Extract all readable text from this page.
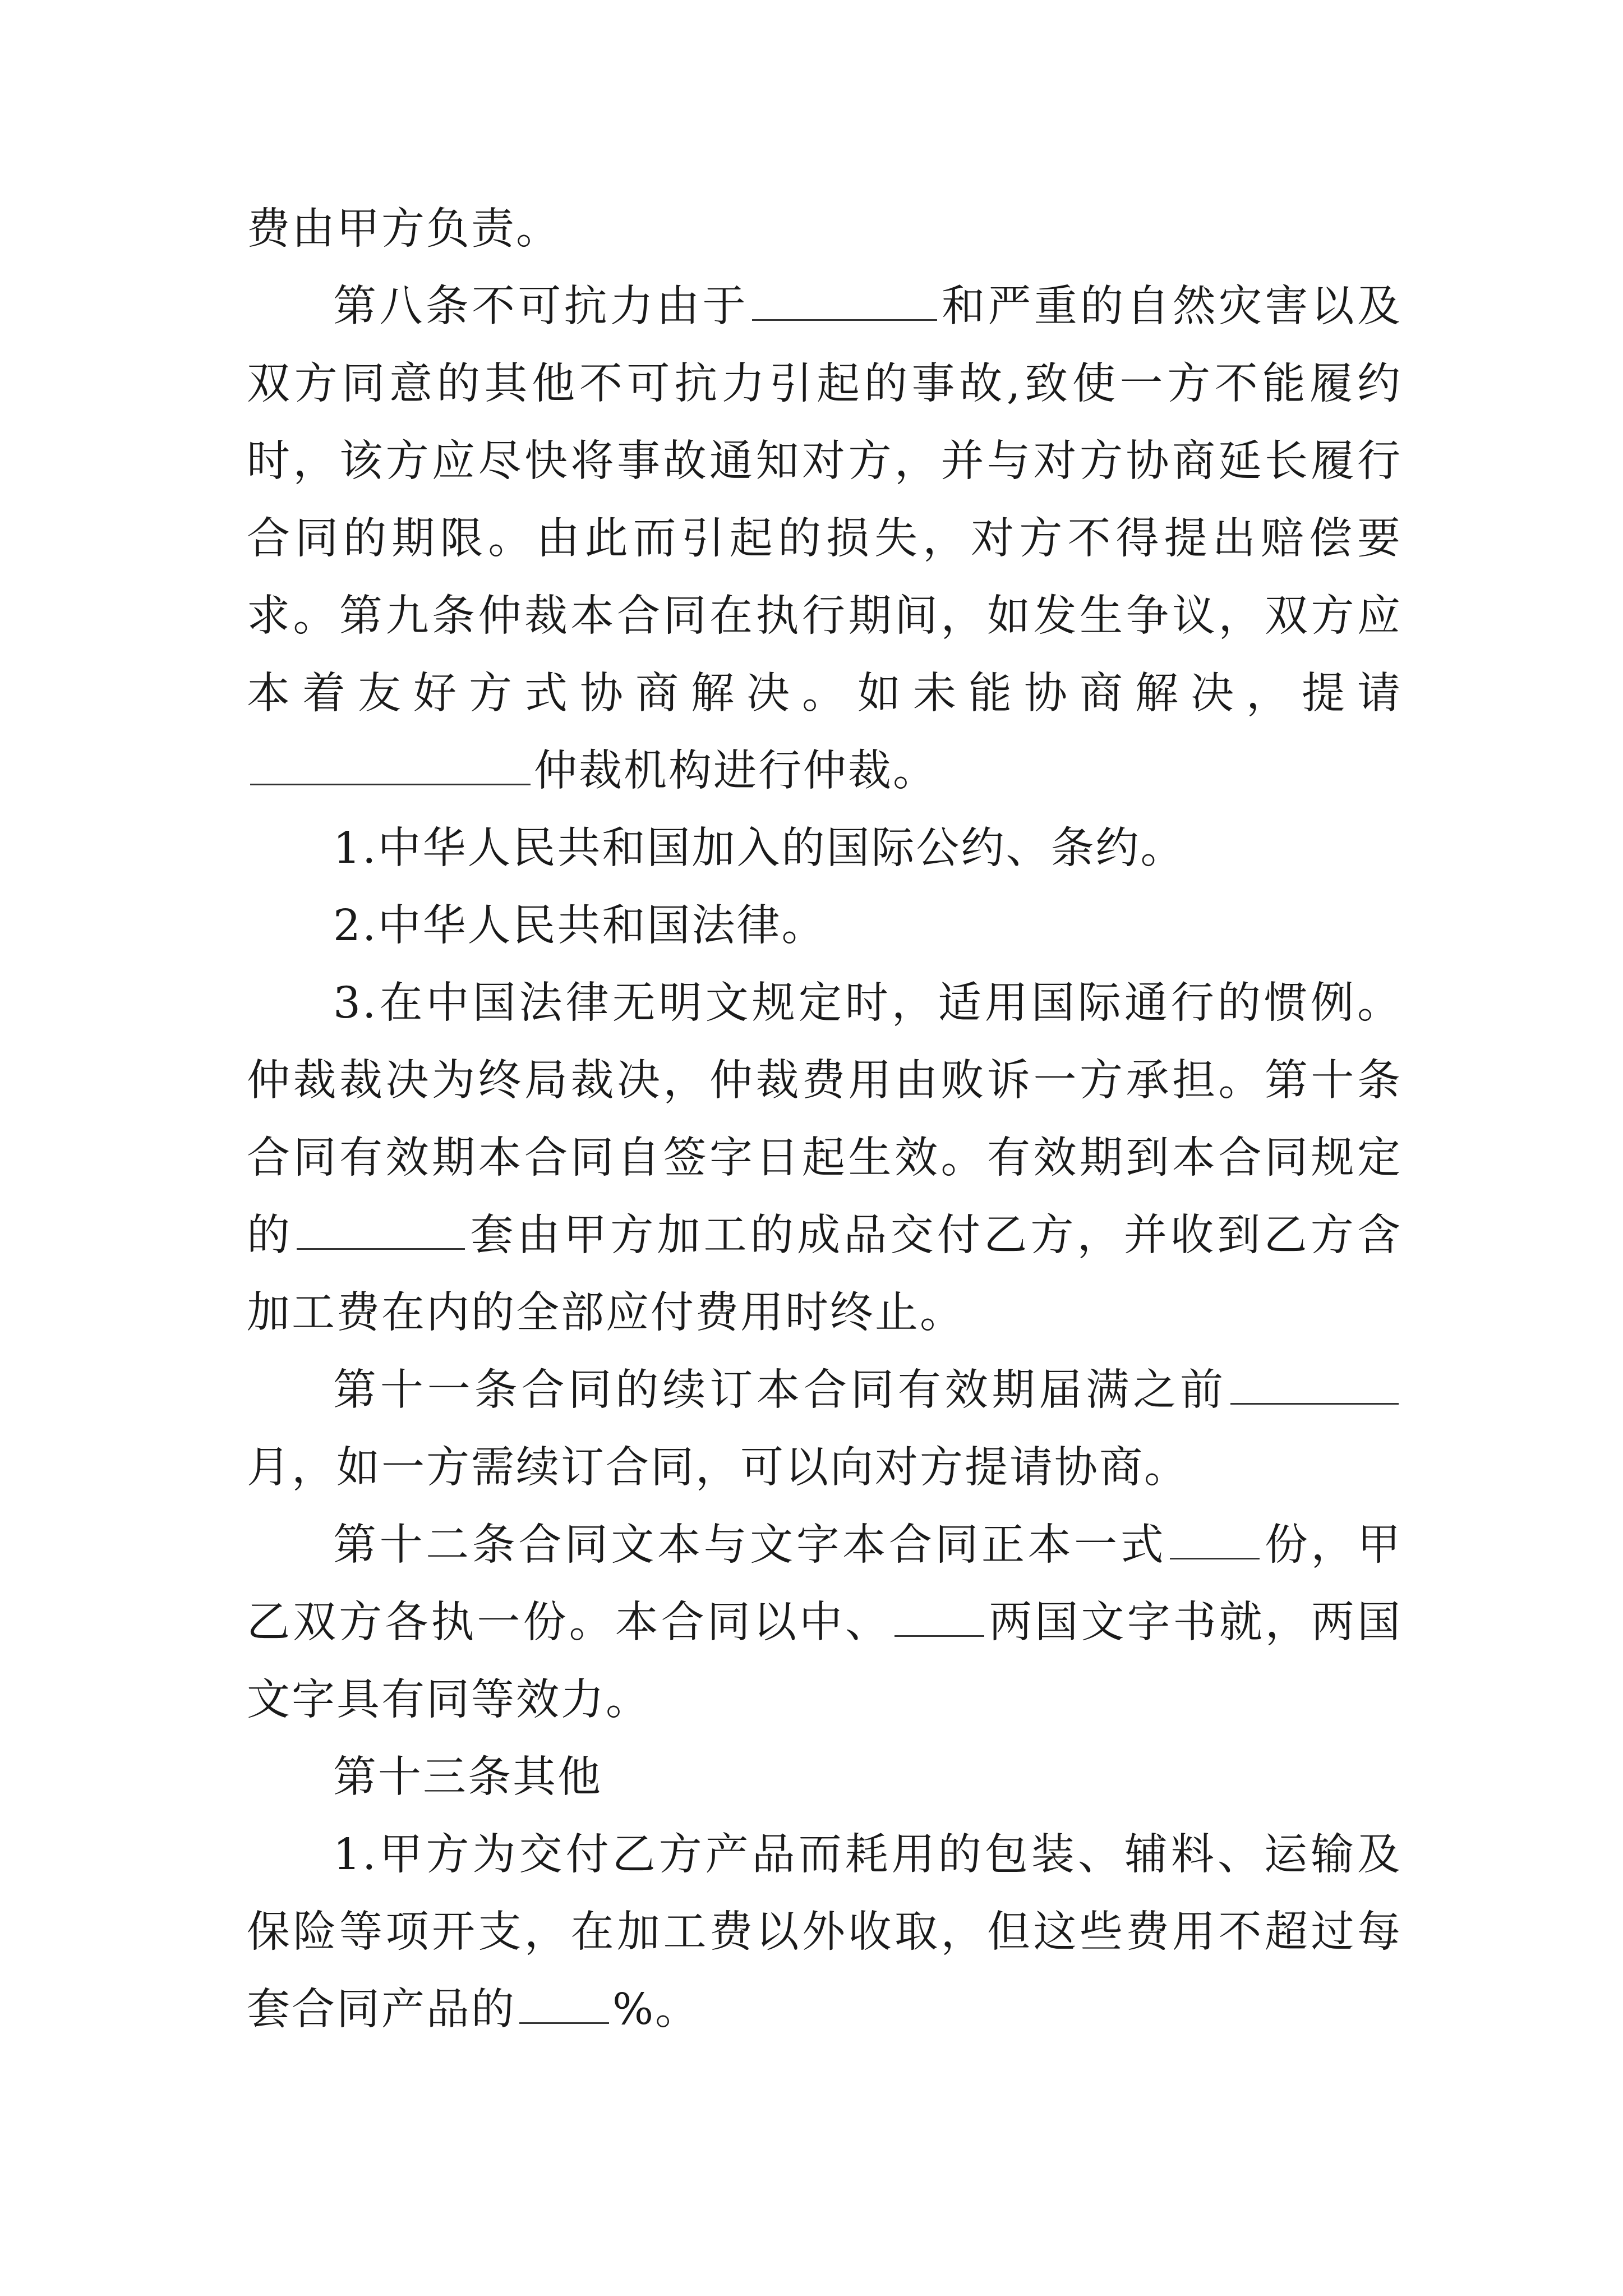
费由甲方负责。

第八条不可抗力由于	和严重的自然灾害以及双方同意的其他不可抗力引起的事故,致使一方不能履约时，该方应尽快将事故通知对方，并与对方协商延长履行合同的期限。由此而引起的损失，对方不得提出赔偿要求。第九条仲裁本合同在执行期间，如发生争议，双方应本着友好方式协商解决。如未能协商解决，提请仲裁机构进行仲裁。

1.中华人民共和国加入的国际公约、条约。

2.中华人民共和国法律。

3.在中国法律无明文规定时，适用国际通行的惯例。仲裁裁决为终局裁决，仲裁费用由败诉一方承担。第十条合同有效期本合同自签字日起生效。有效期到本合同规定的	套由甲方加工的成品交付乙方，并收到乙方含加工费在内的全部应付费用时终止。

第十一条合同的续订本合同有效期届满之前月，如一方需续订合同，可以向对方提请协商。

第十二条合同文本与文字本合同正本一式 份，甲乙双方各执一份。本合同以中、 两国文字书就，两国文字具有同等效力。

第十三条其他

1.甲方为交付乙方产品而耗用的包装、辅料、运输及保险等项开支，在加工费以外收取，但这些费用不超过每套合同产品的 %。
